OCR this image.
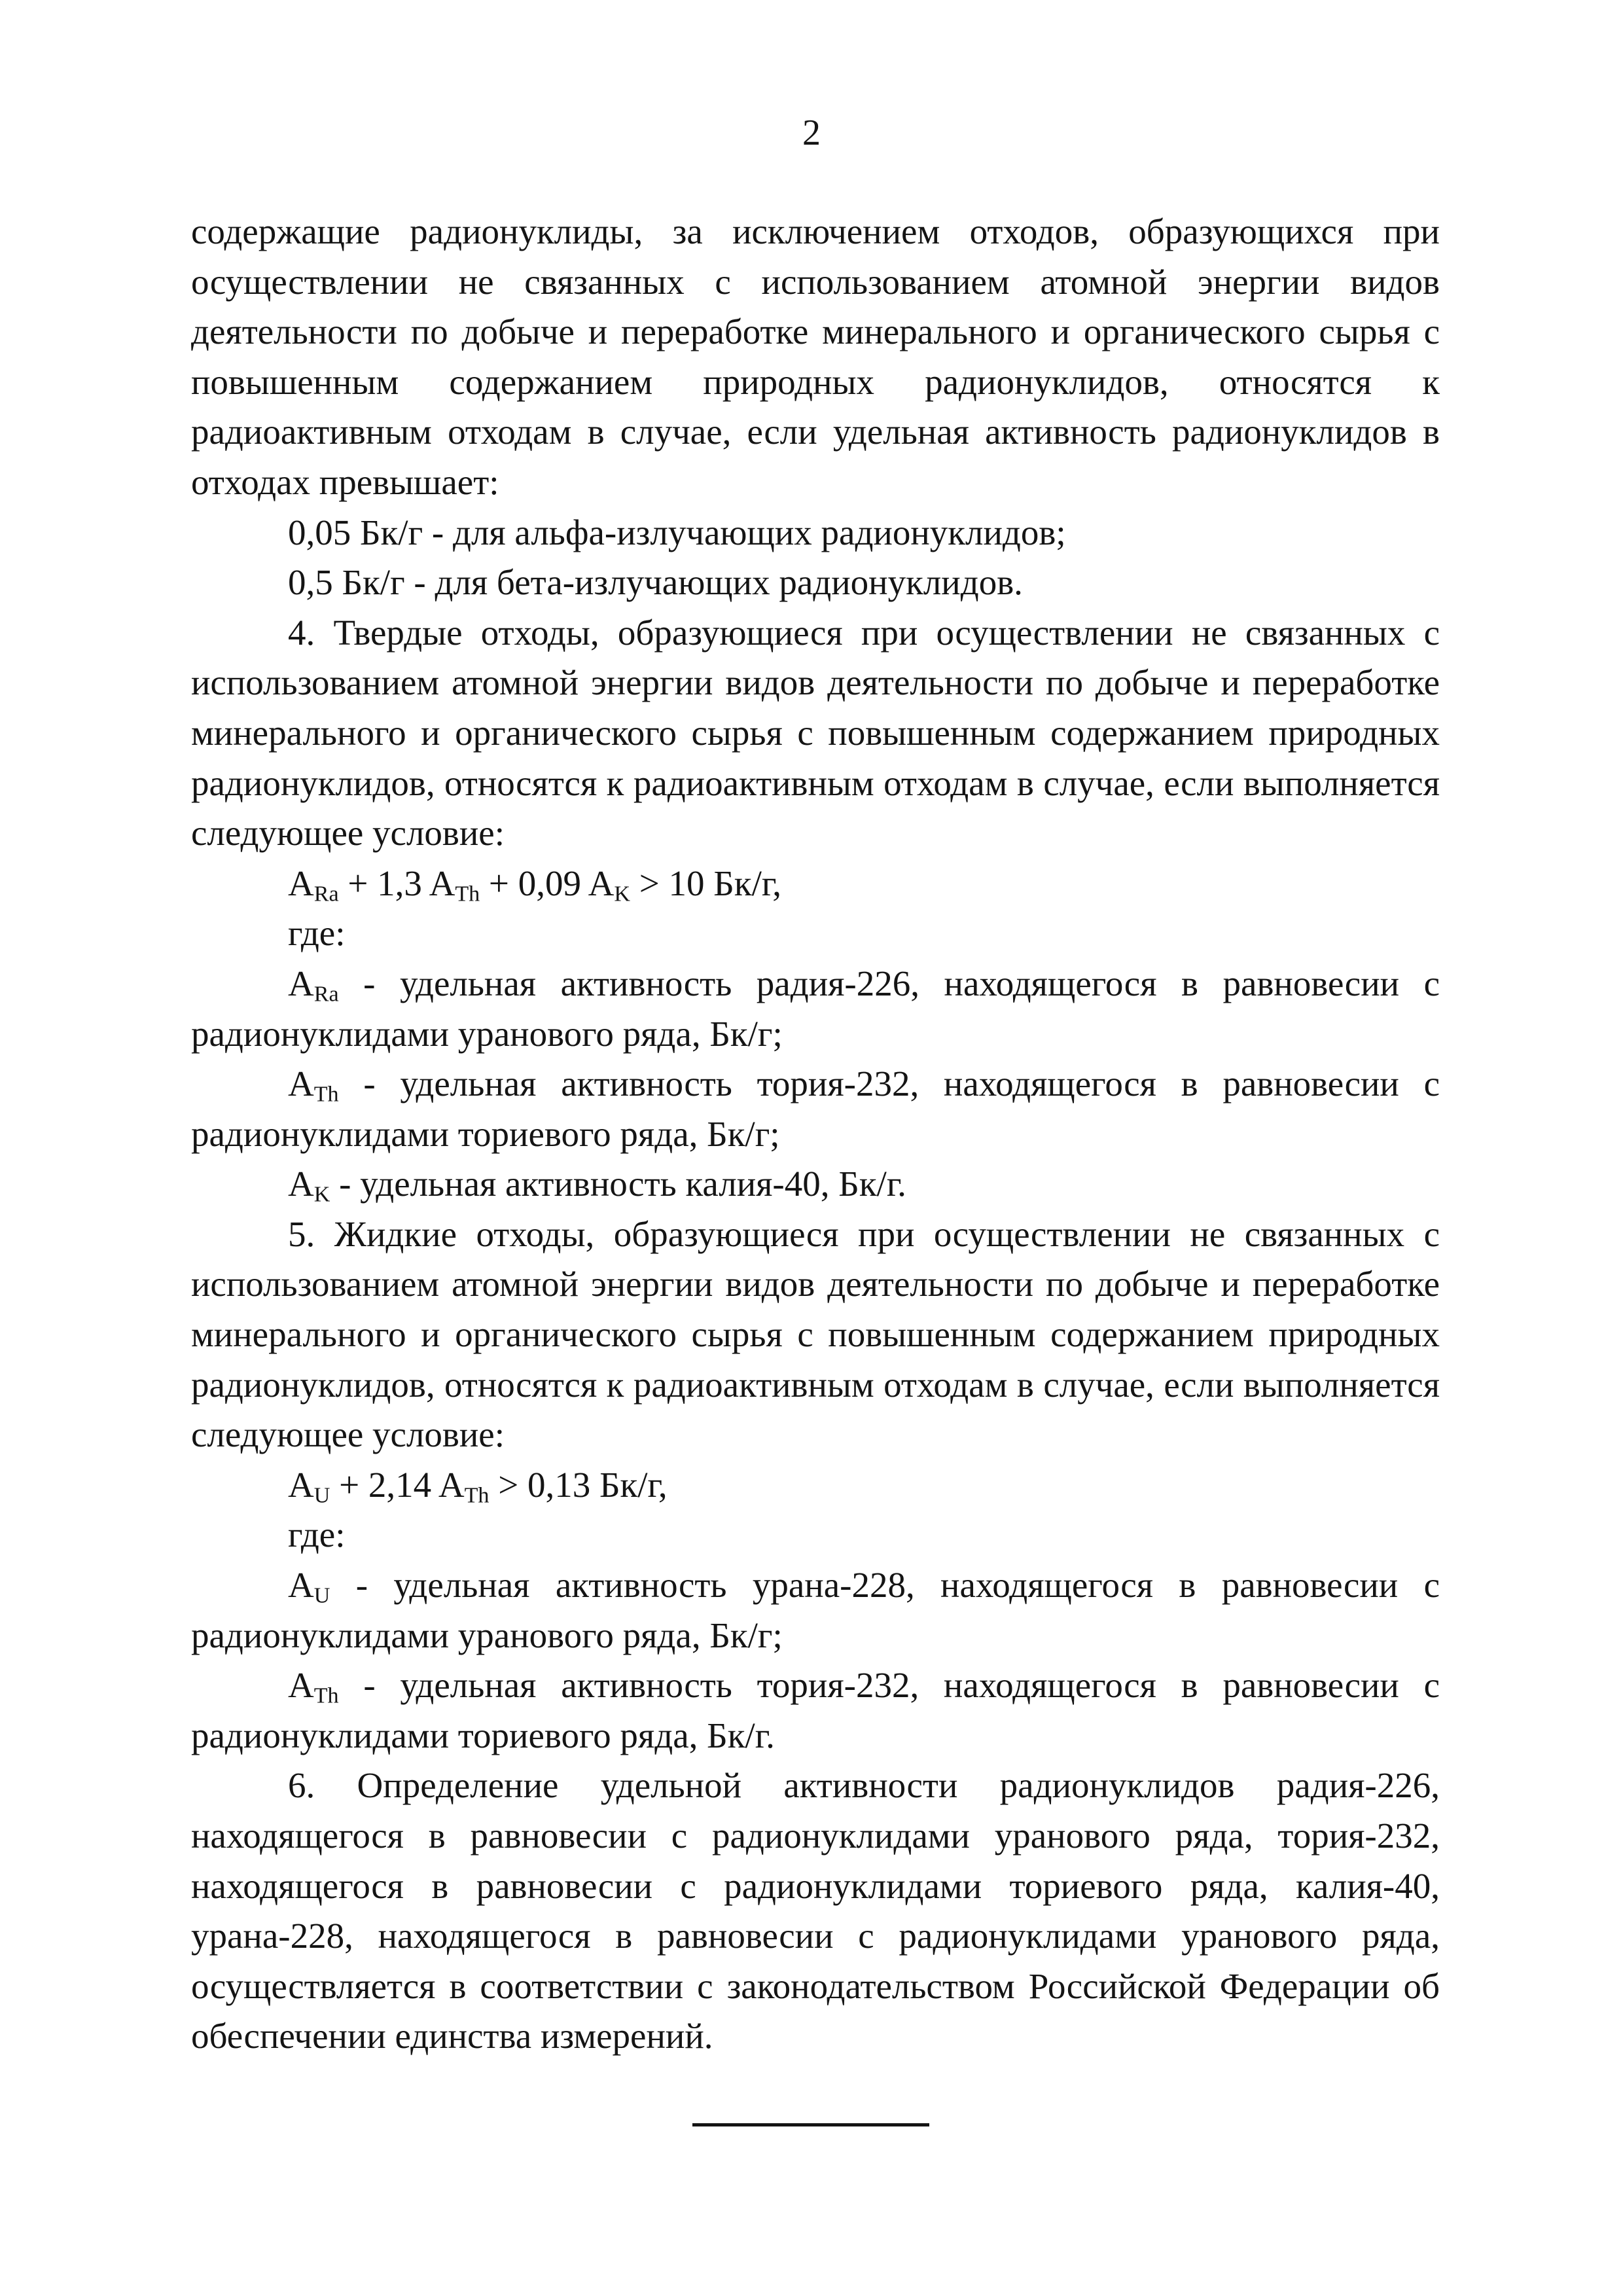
2

содержащие радионуклиды, за исключением отходов, образующихся при осуществлении не связанных с использованием атомной энергии видов деятельности по добыче и переработке минерального и органического сырья с повышенным содержанием природных радионуклидов, относятся к радиоактивным отходам в случае, если удельная активность радионуклидов в отходах превышает:

0,05 Бк/г - для альфа-излучающих радионуклидов;

0,5 Бк/г - для бета-излучающих радионуклидов.

4. Твердые отходы, образующиеся при осуществлении не связанных с использованием атомной энергии видов деятельности по добыче и переработке минерального и органического сырья с повышенным содержанием природных радионуклидов, относятся к радиоактивным отходам в случае, если выполняется следующее условие:

$A_{Ra} + 1,3$ $A_{Th} + 0,09$ $A_K > 10$ Бк/г,

где:

$A_{Ra}$ - удельная активность радия-226, находящегося в равновесии с радионуклидами уранового ряда, Бк/г;

$A_{Th}$ - удельная активность тория-232, находящегося в равновесии с радионуклидами ториевого ряда, Бк/г;

$A_K$ - удельная активность калия-40, Бк/г.

5. Жидкие отходы, образующиеся при осуществлении не связанных с использованием атомной энергии видов деятельности по добыче и переработке минерального и органического сырья с повышенным содержанием природных радионуклидов, относятся к радиоактивным отходам в случае, если выполняется следующее условие:

$A_U + 2,14$ $A_{Th} > 0,13$ Бк/г,

где:

$A_U$ - удельная активность урана-228, находящегося в равновесии с радионуклидами уранового ряда, Бк/г;

$A_{Th}$ - удельная активность тория-232, находящегося в равновесии с радионуклидами ториевого ряда, Бк/г.

6. Определение удельной активности радионуклидов радия-226, находящегося в равновесии с радионуклидами уранового ряда, тория-232, находящегося в равновесии с радионуклидами ториевого ряда, калия-40, урана-228, находящегося в равновесии с радионуклидами уранового ряда, осуществляется в соответствии с законодательством Российской Федерации об обеспечении единства измерений.
